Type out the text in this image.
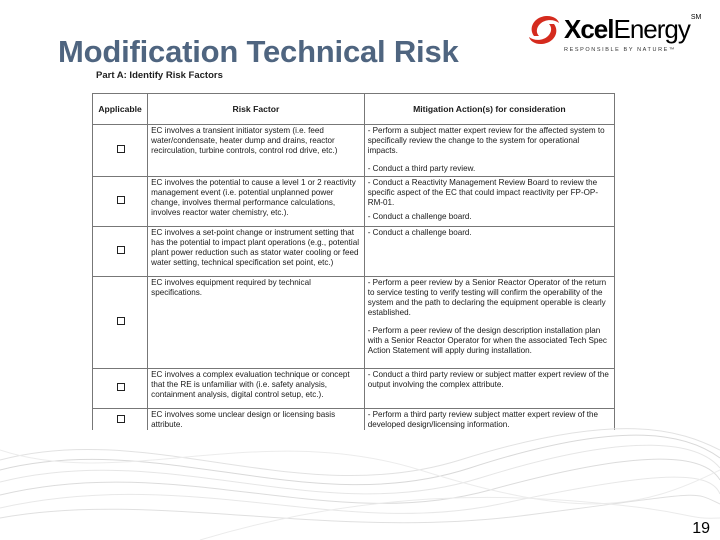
Modification Technical Risk
XcelEnergy℠
RESPONSIBLE BY NATURE™
Part A: Identify Risk Factors
Applicable	Risk Factor	Mitigation Action(s) for consideration
	EC involves a transient initiator system (i.e. feed water/condensate, heater dump and drains, reactor recirculation, turbine controls, control rod drive, etc.)	- Perform a subject matter expert review for the affected system to specifically review the change to the system for operational impacts.
- Conduct a third party review.

	EC involves the potential to cause a level 1 or 2 reactivity management event (i.e. potential unplanned power change, involves thermal performance calculations, involves reactor water chemistry, etc.).	- Conduct a Reactivity Management Review Board to review the specific aspect of the EC that could impact reactivity per FP-OP-RM-01.
- Conduct a challenge board.

	EC involves a set-point change or instrument setting that has the potential to impact plant operations (e.g., potential plant power reduction such as stator water cooling or feed water setting, technical specification set point, etc.)	- Conduct a challenge board.

	EC involves equipment required by technical specifications.	- Perform a peer review by a Senior Reactor Operator of the return to service testing to verify testing will confirm the operability of the system and the path to declaring the equipment operable is clearly established.
- Perform a peer review of the design description installation plan with a Senior Reactor Operator for when the associated Tech Spec Action Statement will apply during installation.

	EC involves a complex evaluation technique or concept that the RE is unfamiliar with (i.e. safety analysis, containment analysis, digital control setup, etc.).	- Conduct a third party review or subject matter expert review of the output involving the complex attribute.

	EC involves some unclear design or licensing basis attribute.	- Perform a third party review subject matter expert review of the developed design/licensing information.
19
